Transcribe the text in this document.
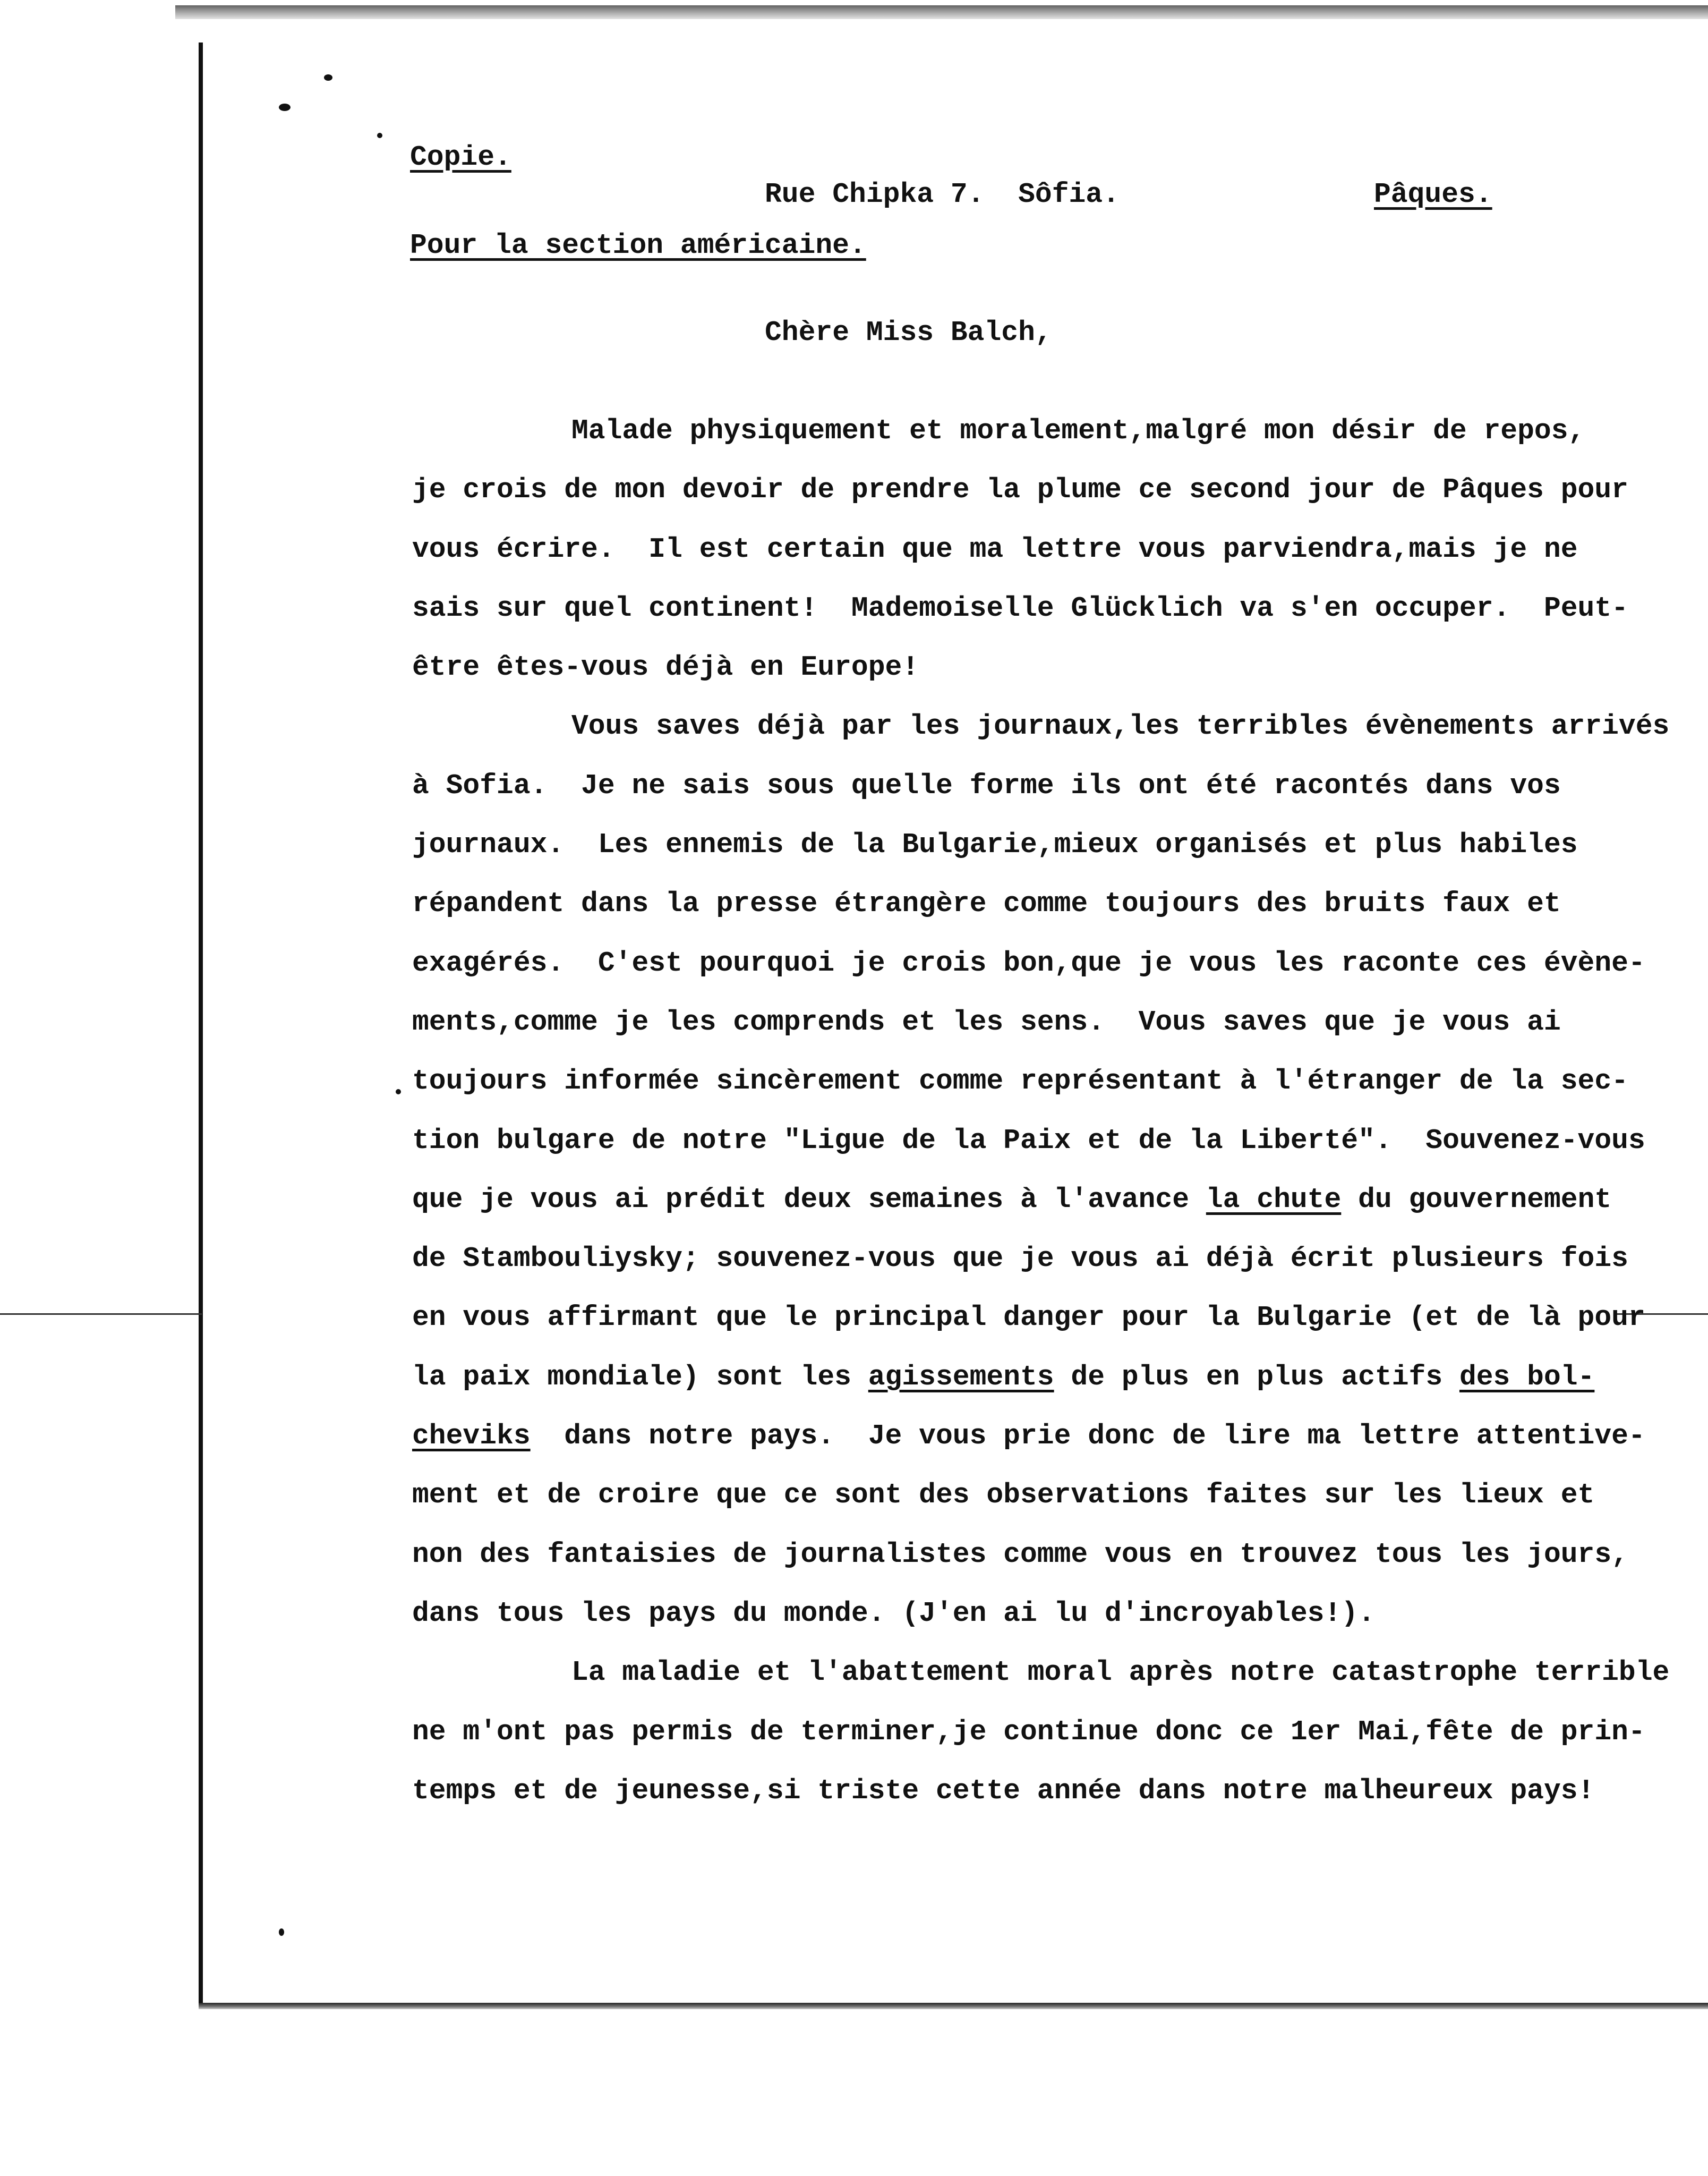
Copie.
Rue Chipka 7.  Sôfia.	Pâques.
Pour la section américaine.
Chère Miss Balch,
Malade physiquement et moralement,malgré mon désir de repos,
je crois de mon devoir de prendre la plume ce second jour de Pâques pour
vous écrire.  Il est certain que ma lettre vous parviendra,mais je ne
sais sur quel continent!  Mademoiselle Glücklich va s'en occuper.  Peut-
être êtes-vous déjà en Europe!
Vous saves déjà par les journaux,les terribles évènements arrivés
à Sofia.  Je ne sais sous quelle forme ils ont été racontés dans vos
journaux.  Les ennemis de la Bulgarie,mieux organisés et plus habiles
répandent dans la presse étrangère comme toujours des bruits faux et
exagérés.  C'est pourquoi je crois bon,que je vous les raconte ces évène-
ments,comme je les comprends et les sens.  Vous saves que je vous ai
toujours informée sincèrement comme représentant à l'étranger de la sec-
tion bulgare de notre "Ligue de la Paix et de la Liberté".  Souvenez-vous
que je vous ai prédit deux semaines à l'avance la chute du gouvernement
de Stambouliysky; souvenez-vous que je vous ai déjà écrit plusieurs fois
en vous affirmant que le principal danger pour la Bulgarie (et de là pour
la paix mondiale) sont les agissements de plus en plus actifs des bol-
cheviks  dans notre pays.  Je vous prie donc de lire ma lettre attentive-
ment et de croire que ce sont des observations faites sur les lieux et
non des fantaisies de journalistes comme vous en trouvez tous les jours,
dans tous les pays du monde. (J'en ai lu d'incroyables!).
La maladie et l'abattement moral après notre catastrophe terrible
ne m'ont pas permis de terminer,je continue donc ce 1er Mai,fête de prin-
temps et de jeunesse,si triste cette année dans notre malheureux pays!
